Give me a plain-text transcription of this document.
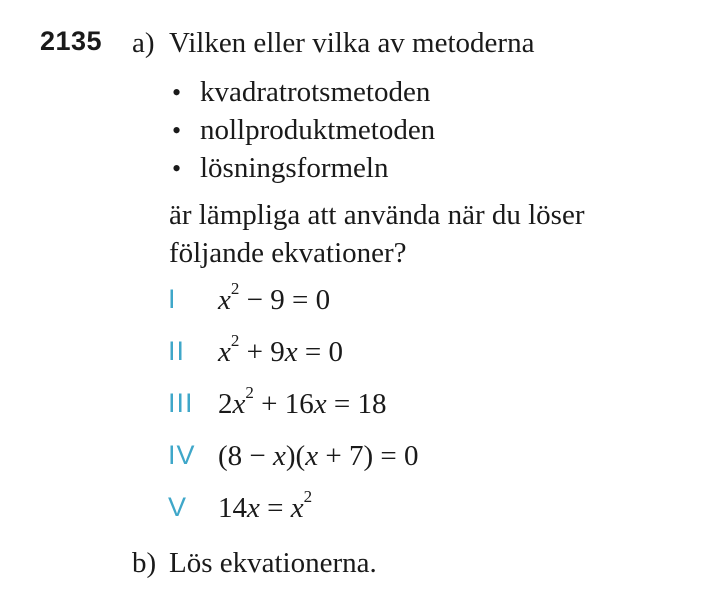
2135 a) Vilken eller vilka av metoderna
• kvadratrotsmetoden
• nollproduktmetoden
• lösningsformeln
är lämpliga att använda när du löser
följande ekvationer?
I $x^2 - 9 = 0$
II $x^2 + 9x = 0$
III $2x^2 + 16x = 18$
IV (8 − x)(x + 7) = 0
V $14x = x^2$
b) Lös ekvationerna.
